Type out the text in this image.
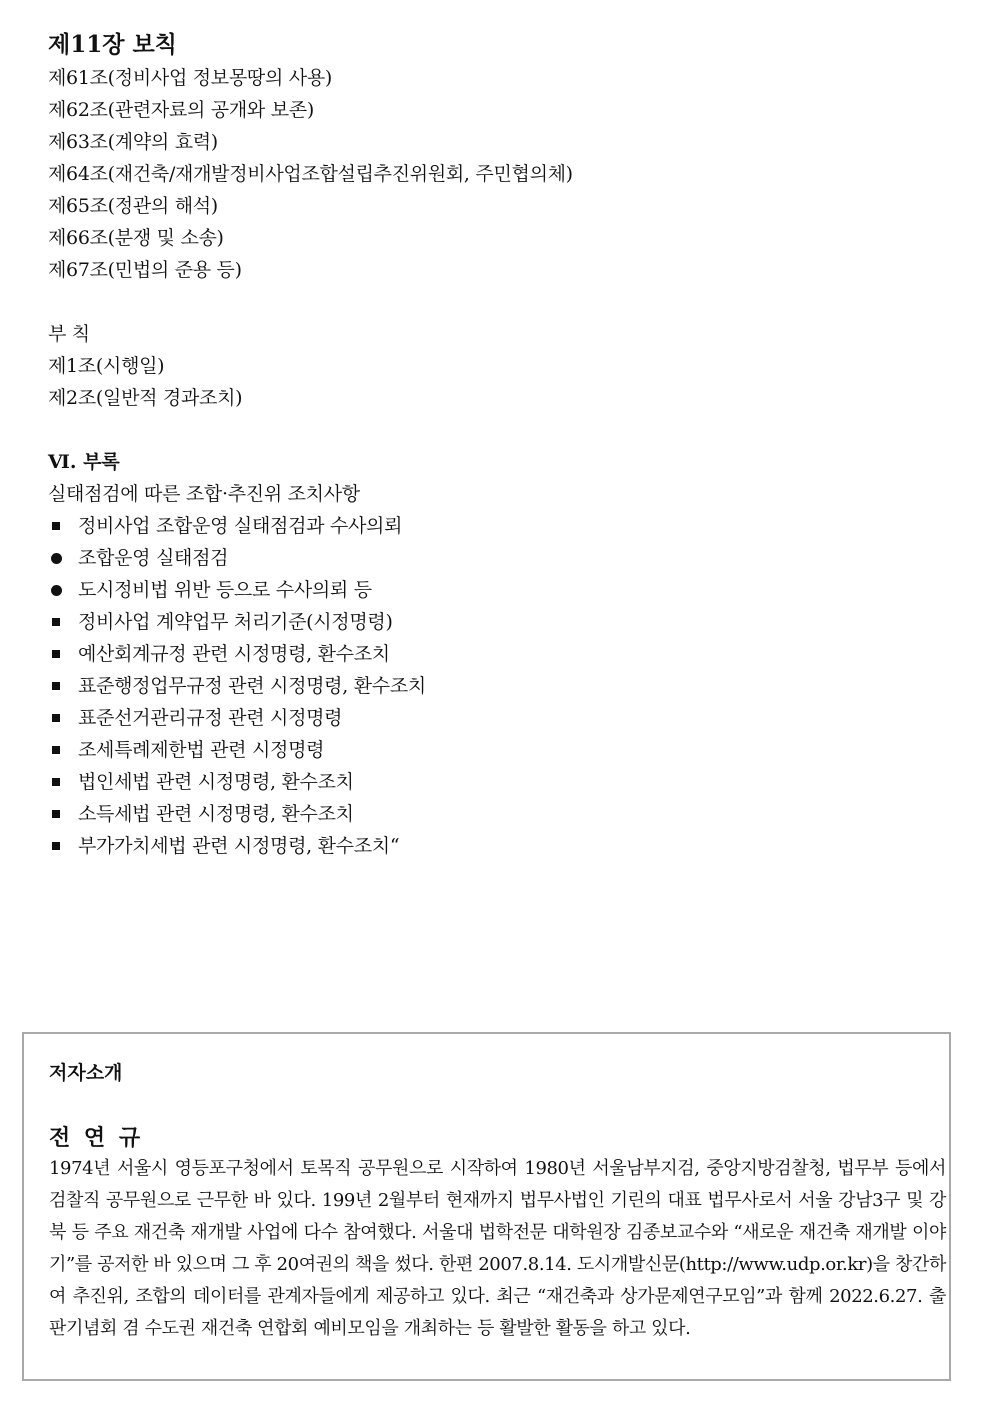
제11장 보칙
제61조(정비사업 정보몽땅의 사용)
제62조(관련자료의 공개와 보존)
제63조(계약의 효력)
제64조(재건축/재개발정비사업조합설립추진위원회, 주민협의체)
제65조(정관의 해석)
제66조(분쟁 및 소송)
제67조(민법의 준용 등)
부 칙
제1조(시행일)
제2조(일반적 경과조치)
Ⅵ. 부록
실태점검에 따른 조합·추진위 조치사항
정비사업 조합운영 실태점검과 수사의뢰
조합운영 실태점검
도시정비법 위반 등으로 수사의뢰 등
정비사업 계약업무 처리기준(시정명령)
예산회계규정 관련 시정명령, 환수조치
표준행정업무규정 관련 시정명령, 환수조치
표준선거관리규정 관련 시정명령
조세특례제한법 관련 시정명령
법인세법 관련 시정명령, 환수조치
소득세법 관련 시정명령, 환수조치
부가가치세법 관련 시정명령, 환수조치“
저자소개
전 연 규
1974년 서울시 영등포구청에서 토목직 공무원으로 시작하여 1980년 서울남부지검, 중앙지방검찰청, 법무부 등에서 검찰직 공무원으로 근무한 바 있다. 199년 2월부터 현재까지 법무사법인 기린의 대표 법무사로서 서울 강남3구 및 강북 등 주요 재건축 재개발 사업에 다수 참여했다. 서울대 법학전문 대학원장 김종보교수와 “새로운 재건축 재개발 이야기”를 공저한 바 있으며 그 후 20여권의 책을 썼다. 한편 2007.8.14. 도시개발신문(http://www.udp.or.kr)을 창간하여 추진위, 조합의 데이터를 관계자들에게 제공하고 있다. 최근 “재건축과 상가문제연구모임”과 함께 2022.6.27. 출판기념회 겸 수도권 재건축 연합회 예비모임을 개최하는 등 활발한 활동을 하고 있다.
